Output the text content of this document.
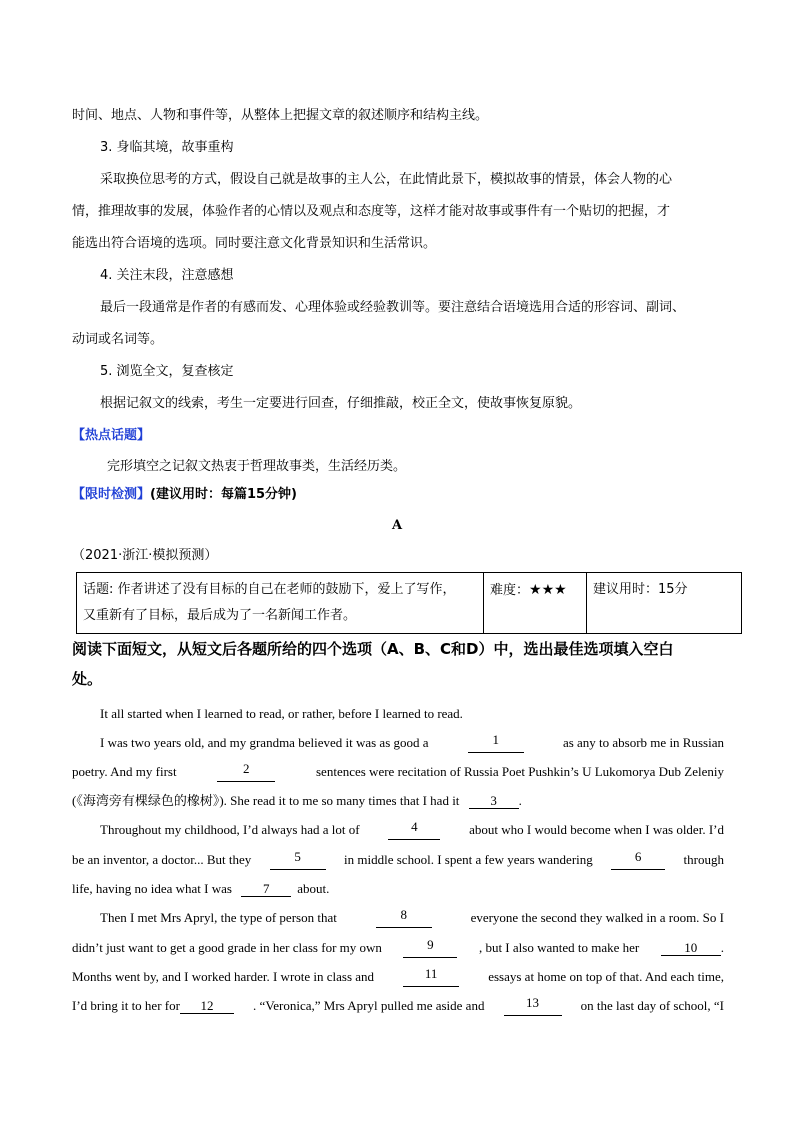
时间、地点、人物和事件等，从整体上把握文章的叙述顺序和结构主线。
3. 身临其境，故事重构
采取换位思考的方式，假设自己就是故事的主人公，在此情此景下，模拟故事的情景，体会人物的心
情，推理故事的发展，体验作者的心情以及观点和态度等，这样才能对故事或事件有一个贴切的把握，才
能选出符合语境的选项。同时要注意文化背景知识和生活常识。
4. 关注末段，注意感想
最后一段通常是作者的有感而发、心理体验或经验教训等。要注意结合语境选用合适的形容词、副词、
动词或名词等。
5. 浏览全文，复查核定
根据记叙文的线索，考生一定要进行回查，仔细推敲，校正全文，使故事恢复原貌。
【热点话题】
完形填空之记叙文热衷于哲理故事类，生活经历类。
【限时检测】(建议用时：每篇15分钟)
A
（2021·浙江·模拟预测）
话题: 作者讲述了没有目标的自己在老师的鼓励下，爱上了写作，
又重新有了目标，最后成为了一名新闻工作者。
	难度：★★★	建议用时：15分
阅读下面短文，从短文后各题所给的四个选项（A、B、C和D）中，选出最佳选项填入空白
处。
It all started when I learned to read, or rather, before I learned to read.
I was two years old, and my grandma believed it was as good a	1	as any to absorb me in Russian
poetry. And my first	2	sentences were recitation of Russia Poet Pushkin’s U Lukomorya Dub Zeleniy
(《海湾旁有棵绿色的橡树》). She read it to me so many times that I had it 3 .
Throughout my childhood, I’d always had a lot of	4	about who I would become when I was older. I’d
be an inventor, a doctor... But they	5	in middle school. I spent a few years wandering	6	through
life, having no idea what I was 7 about.
Then I met Mrs Apryl, the type of person that	8	everyone the second they walked in a room. So I
didn’t just want to get a good grade in her class for my own	9	, but I also wanted to make her	10 .
Months went by, and I worked harder. I wrote in class and	11	essays at home on top of that. And each time,
I’d bring it to her for 12	. “Veronica,” Mrs Apryl pulled me aside and	13	on the last day of school, “I
